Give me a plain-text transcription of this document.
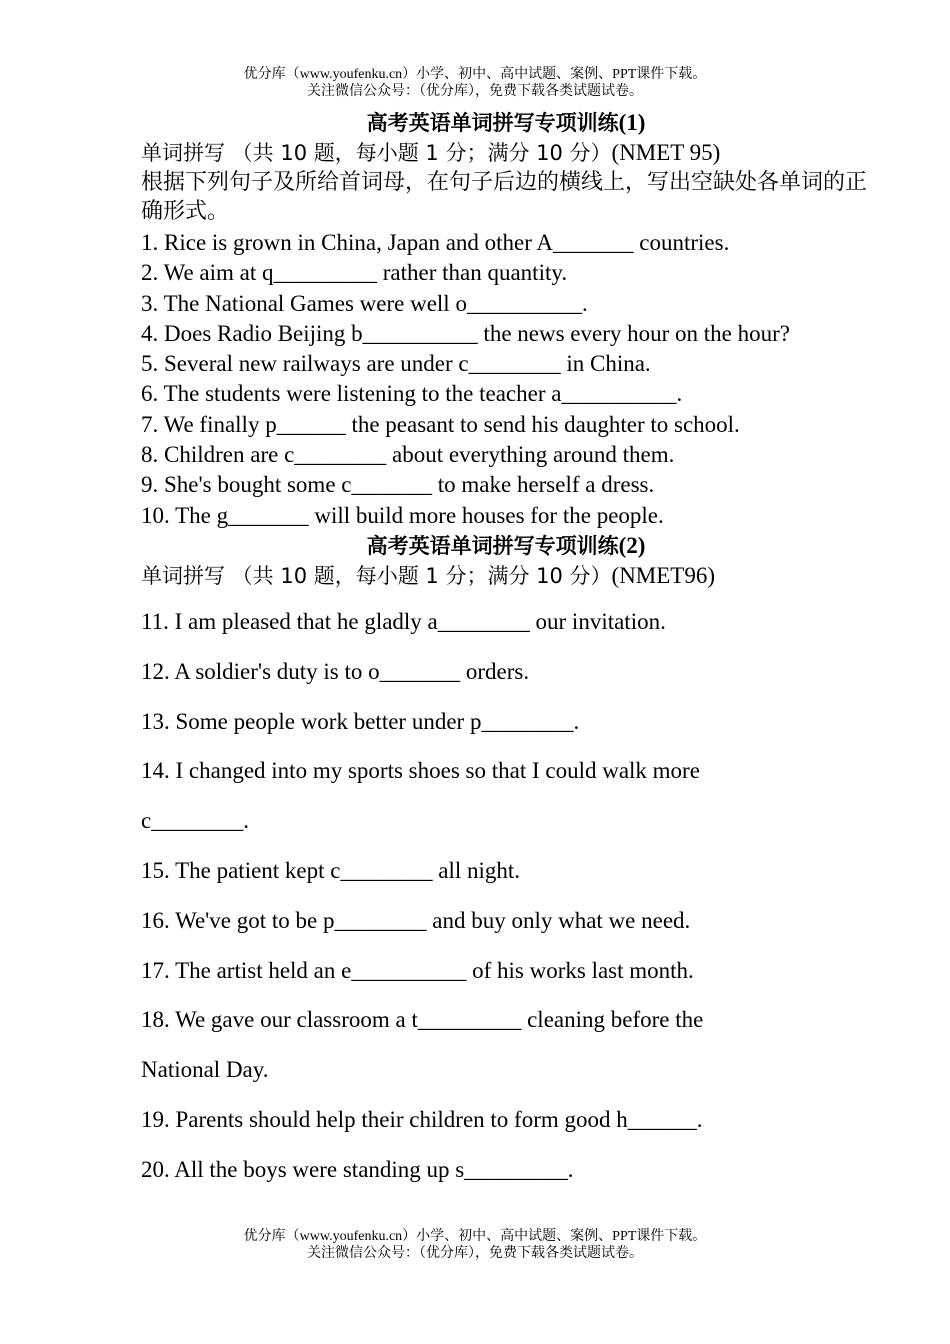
优分库（www.youfenku.cn）小学、初中、高中试题、案例、PPT课件下载。
关注微信公众号：（优分库），免费下载各类试题试卷。
高考英语单词拼写专项训练(1)
单词拼写 （共 10 题，每小题 1 分；满分 10 分）(NMET 95)
根据下列句子及所给首词母，在句子后边的横线上，写出空缺处各单词的正确形式。
1. Rice is grown in China, Japan and other A_______ countries.
2. We aim at q_________ rather than quantity.
3. The National Games were well o__________.
4. Does Radio Beijing b__________ the news every hour on the hour?
5. Several new railways are under c________ in China.
6. The students were listening to the teacher a__________.
7. We finally p______ the peasant to send his daughter to school.
8. Children are c________ about everything around them.
9. She's bought some c_______ to make herself a dress.
10. The g_______ will build more houses for the people.
高考英语单词拼写专项训练(2)
单词拼写 （共 10 题，每小题 1 分；满分 10 分）(NMET96)
11. I am pleased that he gladly a________ our invitation.
12. A soldier's duty is to o_______ orders.
13. Some people work better under p________.
14. I changed into my sports shoes so that I could walk more
c________.
15. The patient kept c________ all night.
16. We've got to be p________ and buy only what we need.
17. The artist held an e__________ of his works last month.
18. We gave our classroom a t_________ cleaning before the
National Day.
19. Parents should help their children to form good h______.
20. All the boys were standing up s_________.
优分库（www.youfenku.cn）小学、初中、高中试题、案例、PPT课件下载。
关注微信公众号：（优分库），免费下载各类试题试卷。
